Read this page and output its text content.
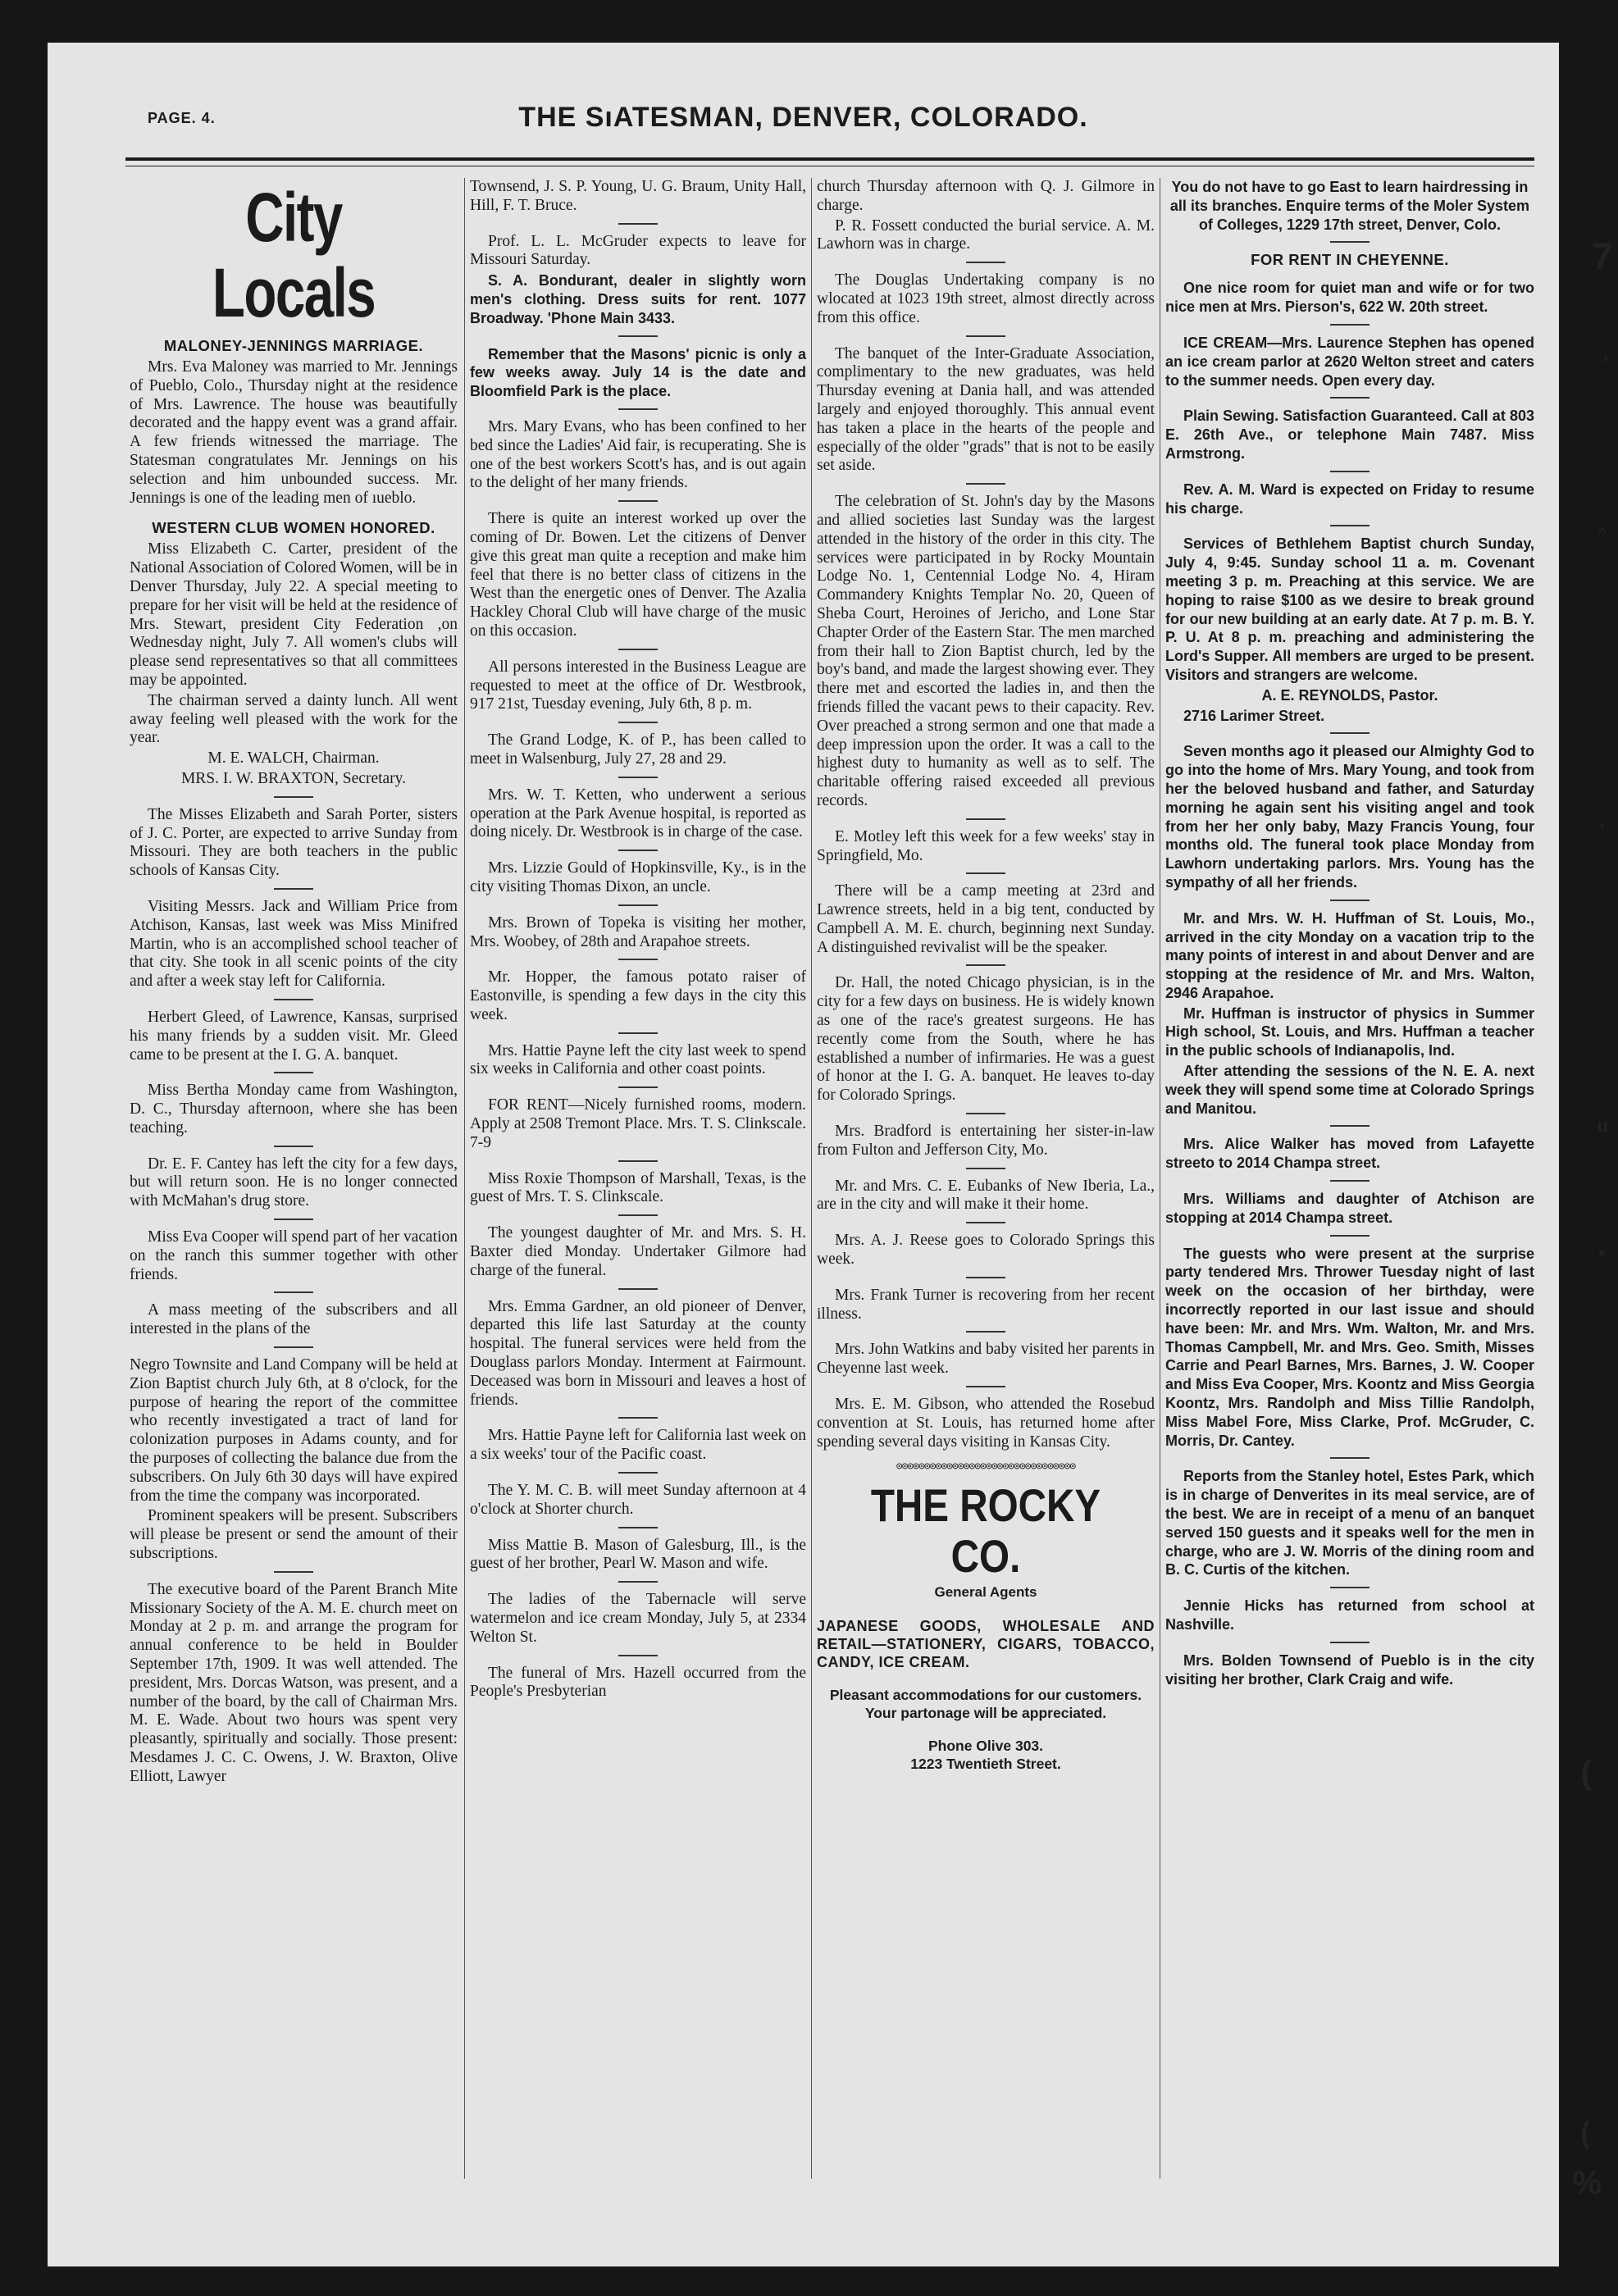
PAGE. 4.	THE SıATESMAN, DENVER, COLORADO.
City Locals
MALONEY-JENNINGS MARRIAGE.

Mrs. Eva Maloney was married to Mr. Jennings of Pueblo, Colo., Thursday night at the residence of Mrs. Lawrence. The house was beautifully decorated and the happy event was a grand affair. A few friends witnessed the marriage. The Statesman congratulates Mr. Jennings on his selection and him unbounded success. Mr. Jennings is one of the leading men of ıueblo.

WESTERN CLUB WOMEN HONORED.

Miss Elizabeth C. Carter, president of the National Association of Colored Women, will be in Denver Thursday, July 22. A special meeting to prepare for her visit will be held at the residence of Mrs. Stewart, president City Federation ,on Wednesday night, July 7. All women's clubs will please send representatives so that all committees may be appointed.

The chairman served a dainty lunch. All went away feeling well pleased with the work for the year.

M. E. WALCH, Chairman.

MRS. I. W. BRAXTON, Secretary.

The Misses Elizabeth and Sarah Porter, sisters of J. C. Porter, are expected to arrive Sunday from Missouri. They are both teachers in the public schools of Kansas City.

Visiting Messrs. Jack and William Price from Atchison, Kansas, last week was Miss Minifred Martin, who is an accomplished school teacher of that city. She took in all scenic points of the city and after a week stay left for California.

Herbert Gleed, of Lawrence, Kansas, surprised his many friends by a sudden visit. Mr. Gleed came to be present at the I. G. A. banquet.

Miss Bertha Monday came from Washington, D. C., Thursday afternoon, where she has been teaching.

Dr. E. F. Cantey has left the city for a few days, but will return soon. He is no longer connected with McMahan's drug store.

Miss Eva Cooper will spend part of her vacation on the ranch this summer together with other friends.

A mass meeting of the subscribers and all interested in the plans of the

Negro Townsite and Land Company will be held at Zion Baptist church July 6th, at 8 o'clock, for the purpose of hearing the report of the committee who recently investigated a tract of land for colonization purposes in Adams county, and for the purposes of collecting the balance due from the subscribers. On July 6th 30 days will have expired from the time the company was incorporated.

Prominent speakers will be present. Subscribers will please be present or send the amount of their subscriptions.

The executive board of the Parent Branch Mite Missionary Society of the A. M. E. church meet on Monday at 2 p. m. and arrange the program for annual conference to be held in Boulder September 17th, 1909. It was well attended. The president, Mrs. Dorcas Watson, was present, and a number of the board, by the call of Chairman Mrs. M. E. Wade. About two hours was spent very pleasantly, spiritually and socially. Those present: Mesdames J. C. C. Owens, J. W. Braxton, Olive Elliott, Lawyer

Townsend, J. S. P. Young, U. G. Braum, Unity Hall, Hill, F. T. Bruce.

Prof. L. L. McGruder expects to leave for Missouri Saturday.

S. A. Bondurant, dealer in slightly worn men's clothing. Dress suits for rent. 1077 Broadway. 'Phone Main 3433.

Remember that the Masons' picnic is only a few weeks away. July 14 is the date and Bloomfield Park is the place.

Mrs. Mary Evans, who has been confined to her bed since the Ladies' Aid fair, is recuperating. She is one of the best workers Scott's has, and is out again to the delight of her many friends.

There is quite an interest worked up over the coming of Dr. Bowen. Let the citizens of Denver give this great man quite a reception and make him feel that there is no better class of citizens in the West than the energetic ones of Denver. The Azalia Hackley Choral Club will have charge of the music on this occasion.

All persons interested in the Business League are requested to meet at the office of Dr. Westbrook, 917 21st, Tuesday evening, July 6th, 8 p. m.

The Grand Lodge, K. of P., has been called to meet in Walsenburg, July 27, 28 and 29.

Mrs. W. T. Ketten, who underwent a serious operation at the Park Avenue hospital, is reported as doing nicely. Dr. Westbrook is in charge of the case.

Mrs. Lizzie Gould of Hopkinsville, Ky., is in the city visiting Thomas Dixon, an uncle.

Mrs. Brown of Topeka is visiting her mother, Mrs. Woobey, of 28th and Arapahoe streets.

Mr. Hopper, the famous potato raiser of Eastonville, is spending a few days in the city this week.

Mrs. Hattie Payne left the city last week to spend six weeks in California and other coast points.

FOR RENT—Nicely furnished rooms, modern. Apply at 2508 Tremont Place. Mrs. T. S. Clinkscale. 7-9

Miss Roxie Thompson of Marshall, Texas, is the guest of Mrs. T. S. Clinkscale.

The youngest daughter of Mr. and Mrs. S. H. Baxter died Monday. Undertaker Gilmore had charge of the funeral.

Mrs. Emma Gardner, an old pioneer of Denver, departed this life last Saturday at the county hospital. The funeral services were held from the Douglass parlors Monday. Interment at Fairmount. Deceased was born in Missouri and leaves a host of friends.

Mrs. Hattie Payne left for California last week on a six weeks' tour of the Pacific coast.

The Y. M. C. B. will meet Sunday afternoon at 4 o'clock at Shorter church.

Miss Mattie B. Mason of Galesburg, Ill., is the guest of her brother, Pearl W. Mason and wife.

The ladies of the Tabernacle will serve watermelon and ice cream Monday, July 5, at 2334 Welton St.

The funeral of Mrs. Hazell occurred from the People's Presbyterian

church Thursday afternoon with Q. J. Gilmore in charge.

P. R. Fossett conducted the burial service. A. M. Lawhorn was in charge.

The Douglas Undertaking company is no wlocated at 1023 19th street, almost directly across from this office.

The banquet of the Inter-Graduate Association, complimentary to the new graduates, was held Thursday evening at Dania hall, and was attended largely and enjoyed thoroughly. This annual event has taken a place in the hearts of the people and especially of the older "grads" that is not to be easily set aside.

The celebration of St. John's day by the Masons and allied societies last Sunday was the largest attended in the history of the order in this city. The services were participated in by Rocky Mountain Lodge No. 1, Centennial Lodge No. 4, Hiram Commandery Knights Templar No. 20, Queen of Sheba Court, Heroines of Jericho, and Lone Star Chapter Order of the Eastern Star. The men marched from their hall to Zion Baptist church, led by the boy's band, and made the largest showing ever. They there met and escorted the ladies in, and then the friends filled the vacant pews to their capacity. Rev. Over preached a strong sermon and one that made a deep impression upon the order. It was a call to the highest duty to humanity as well as to self. The charitable offering raised exceeded all previous records.

E. Motley left this week for a few weeks' stay in Springfield, Mo.

There will be a camp meeting at 23rd and Lawrence streets, held in a big tent, conducted by Campbell A. M. E. church, beginning next Sunday. A distinguished revivalist will be the speaker.

Dr. Hall, the noted Chicago physician, is in the city for a few days on business. He is widely known as one of the race's greatest surgeons. He has recently come from the South, where he has established a number of infirmaries. He was a guest of honor at the I. G. A. banquet. He leaves to-day for Colorado Springs.

Mrs. Bradford is entertaining her sister-in-law from Fulton and Jefferson City, Mo.

Mr. and Mrs. C. E. Eubanks of New Iberia, La., are in the city and will make it their home.

Mrs. A. J. Reese goes to Colorado Springs this week.

Mrs. Frank Turner is recovering from her recent illness.

Mrs. John Watkins and baby visited her parents in Cheyenne last week.

Mrs. E. M. Gibson, who attended the Rosebud convention at St. Louis, has returned home after spending several days visiting in Kansas City.

⊙⊙⊙⊙⊙⊙⊙⊙⊙⊙⊙⊙⊙⊙⊙⊙⊙⊙⊙⊙⊙⊙⊙⊙⊙⊙⊙⊙⊙⊙⊙⊙
THE ROCKY CO.
General Agents
JAPANESE GOODS, WHOLESALE AND RETAIL—STATIONERY, CIGARS, TOBACCO, CANDY, ICE CREAM.
Pleasant accommodations for our customers. Your partonage will be appreciated.
Phone Olive 303.
1223 Twentieth Street.

You do not have to go East to learn hairdressing in all its branches. Enquire terms of the Moler System of Colleges, 1229 17th street, Denver, Colo.

FOR RENT IN CHEYENNE.

One nice room for quiet man and wife or for two nice men at Mrs. Pierson's, 622 W. 20th street.

ICE CREAM—Mrs. Laurence Stephen has opened an ice cream parlor at 2620 Welton street and caters to the summer needs. Open every day.

Plain Sewing. Satisfaction Guaranteed. Call at 803 E. 26th Ave., or telephone Main 7487. Miss Armstrong.

Rev. A. M. Ward is expected on Friday to resume his charge.

Services of Bethlehem Baptist church Sunday, July 4, 9:45. Sunday school 11 a. m. Covenant meeting 3 p. m. Preaching at this service. We are hoping to raise $100 as we desire to break ground for our new building at an early date. At 7 p. m. B. Y. P. U. At 8 p. m. preaching and administering the Lord's Supper. All members are urged to be present. Visitors and strangers are welcome.

A. E. REYNOLDS, Pastor.

2716 Larimer Street.

Seven months ago it pleased our Almighty God to go into the home of Mrs. Mary Young, and took from her the beloved husband and father, and Saturday morning he again sent his visiting angel and took from her her only baby, Mazy Francis Young, four months old. The funeral took place Monday from Lawhorn undertaking parlors. Mrs. Young has the sympathy of all her friends.

Mr. and Mrs. W. H. Huffman of St. Louis, Mo., arrived in the city Monday on a vacation trip to the many points of interest in and about Denver and are stopping at the residence of Mr. and Mrs. Walton, 2946 Arapahoe.

Mr. Huffman is instructor of physics in Summer High school, St. Louis, and Mrs. Huffman a teacher in the public schools of Indianapolis, Ind.

After attending the sessions of the N. E. A. next week they will spend some time at Colorado Springs and Manitou.

Mrs. Alice Walker has moved from Lafayette streeto to 2014 Champa street.

Mrs. Williams and daughter of Atchison are stopping at 2014 Champa street.

The guests who were present at the surprise party tendered Mrs. Thrower Tuesday night of last week on the occasion of her birthday, were incorrectly reported in our last issue and should have been: Mr. and Mrs. Wm. Walton, Mr. and Mrs. Thomas Campbell, Mr. and Mrs. Geo. Smith, Misses Carrie and Pearl Barnes, Mrs. Barnes, J. W. Cooper and Miss Eva Cooper, Mrs. Koontz and Miss Georgia Koontz, Mrs. Randolph and Miss Tillie Randolph, Miss Mabel Fore, Miss Clarke, Prof. McGruder, C. Morris, Dr. Cantey.

Reports from the Stanley hotel, Estes Park, which is in charge of Denverites in its meal service, are of the best. We are in receipt of a menu of an banquet served 150 guests and it speaks well for the men in charge, who are J. W. Morris of the dining room and B. C. Curtis of the kitchen.

Jennie Hicks has returned from school at Nashville.

Mrs. Bolden Townsend of Pueblo is in the city visiting her brother, Clark Craig and wife.

7
^
‘
‘
u
•
(
(
%
